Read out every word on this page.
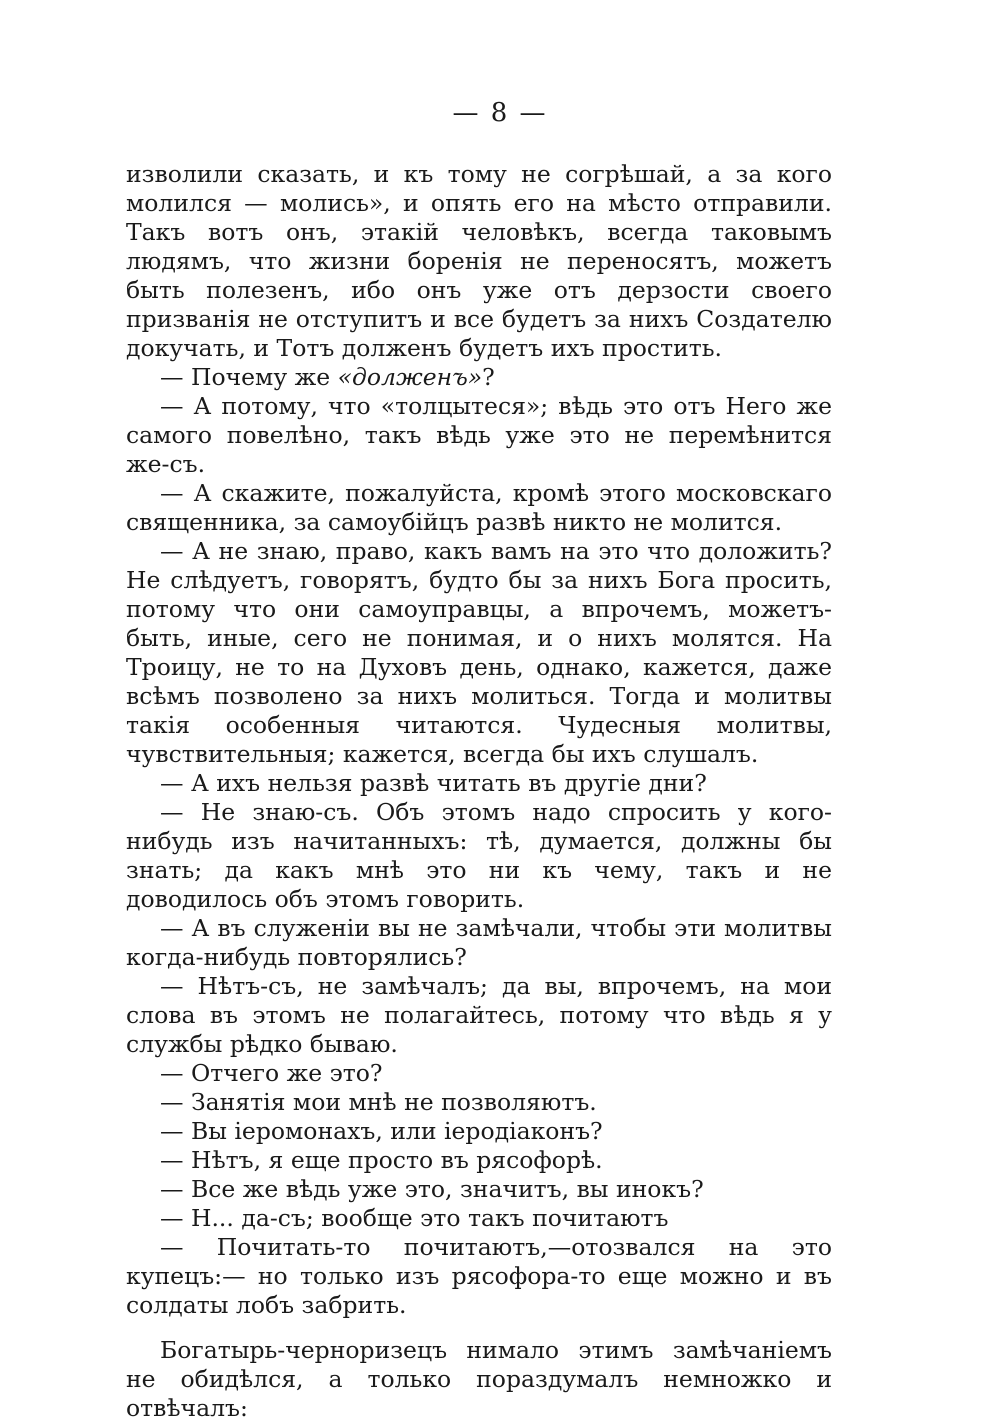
— 8 —

изволили сказать, и къ тому не согрѣшай, а за кого молился — молись», и опять его на мѣсто отправили. Такъ вотъ онъ, этакій человѣкъ, всегда таковымъ людямъ, что жизни боренія не переносятъ, можетъ быть полезенъ, ибо онъ уже отъ дерзости своего призванія не отступитъ и все будетъ за нихъ Создателю докучать, и Тотъ долженъ будетъ ихъ простить.

— Почему же «долженъ»?

— А потому, что «толцытеся»; вѣдь это отъ Него же самого повелѣно, такъ вѣдь уже это не перемѣнится же-съ.

— А скажите, пожалуйста, кромѣ этого московскаго священника, за самоубійцъ развѣ никто не молится.

— А не знаю, право, какъ вамъ на это что доложить? Не слѣдуетъ, говорятъ, будто бы за нихъ Бога просить, потому что они самоуправцы, а впрочемъ, можетъ-быть, иные, сего не понимая, и о нихъ молятся. На Троицу, не то на Духовъ день, однако, кажется, даже всѣмъ позволено за нихъ молиться. Тогда и молитвы такія особенныя читаются. Чудесныя молитвы, чувствительныя; кажется, всегда бы ихъ слушалъ.

— А ихъ нельзя развѣ читать въ другіе дни?

— Не знаю-съ. Объ этомъ надо спросить у кого-нибудь изъ начитанныхъ: тѣ, думается, должны бы знать; да какъ мнѣ это ни къ чему, такъ и не доводилось объ этомъ говорить.

— А въ служеніи вы не замѣчали, чтобы эти молитвы когда-нибудь повторялись?

— Нѣтъ-съ, не замѣчалъ; да вы, впрочемъ, на мои слова въ этомъ не полагайтесь, потому что вѣдь я у службы рѣдко бываю.

— Отчего же это?

— Занятія мои мнѣ не позволяютъ.

— Вы іеромонахъ, или іеродіаконъ?

— Нѣтъ, я еще просто въ рясофорѣ.

— Все же вѣдь уже это, значитъ, вы инокъ?

— Н... да-съ; вообще это такъ почитаютъ

— Почитать-то почитаютъ,—отозвался на это купецъ:— но только изъ рясофора-то еще можно и въ солдаты лобъ забрить.

Богатырь-черноризецъ нимало этимъ замѣчаніемъ не обидѣлся, а только пораздумалъ немножко и отвѣчалъ:
